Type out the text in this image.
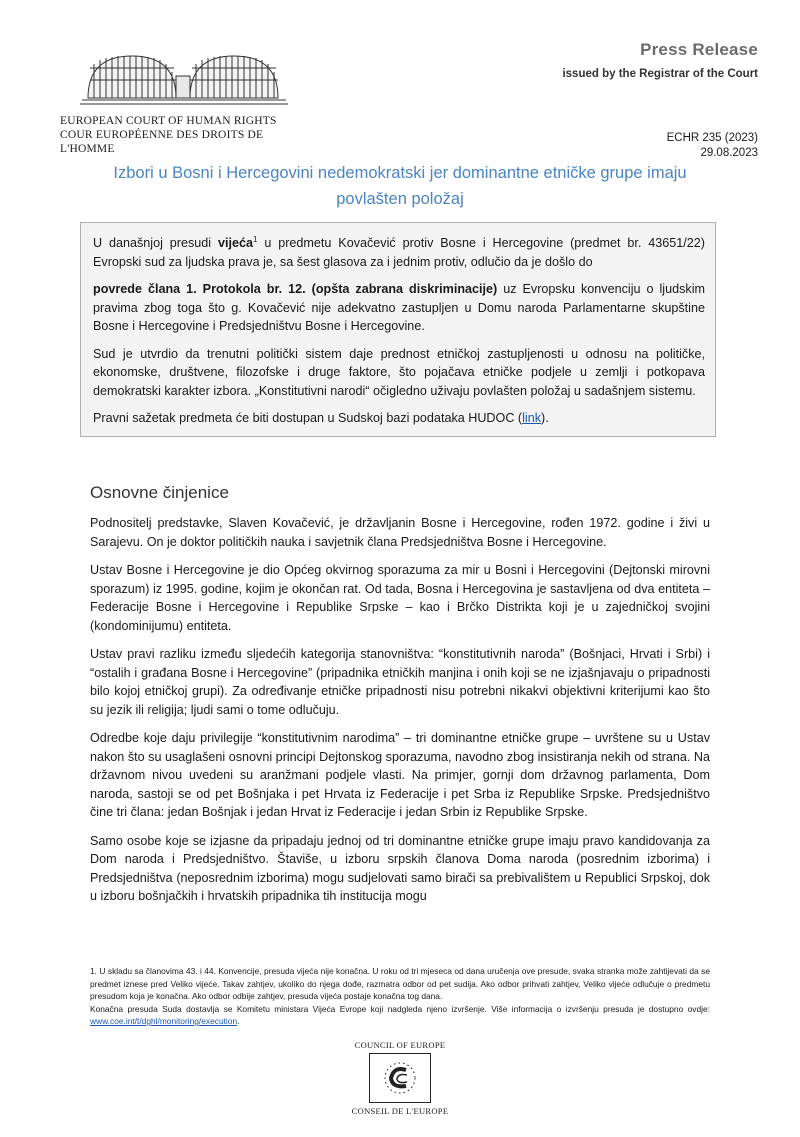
EUROPEAN COURT OF HUMAN RIGHTS
COUR EUROPÉENNE DES DROITS DE L'HOMME
Press Release
issued by the Registrar of the Court
ECHR 235 (2023)
29.08.2023
Izbori u Bosni i Hercegovini nedemokratski jer dominantne etničke grupe imaju povlašten položaj

U današnjoj presudi vijeća$^1$ u predmetu Kovačević protiv Bosne i Hercegovine (predmet br. 43651/22) Evropski sud za ljudska prava je, sa šest glasova za i jednim protiv, odlučio da je došlo do

povrede člana 1. Protokola br. 12. (opšta zabrana diskriminacije) uz Evropsku konvenciju o ljudskim pravima zbog toga što g. Kovačević nije adekvatno zastupljen u Domu naroda Parlamentarne skupštine Bosne i Hercegovine i Predsjedništvu Bosne i Hercegovine.

Sud je utvrdio da trenutni politički sistem daje prednost etničkoj zastupljenosti u odnosu na političke, ekonomske, društvene, filozofske i druge faktore, što pojačava etničke podjele u zemlji i potkopava demokratski karakter izbora. „Konstitutivni narodi“ očigledno uživaju povlašten položaj u sadašnjem sistemu.

Pravni sažetak predmeta će biti dostupan u Sudskoj bazi podataka HUDOC (link).

Osnovne činjenice

Podnositelj predstavke, Slaven Kovačević, je državljanin Bosne i Hercegovine, rođen 1972. godine i živi u Sarajevu. On je doktor političkih nauka i savjetnik člana Predsjedništva Bosne i Hercegovine.

Ustav Bosne i Hercegovine je dio Općeg okvirnog sporazuma za mir u Bosni i Hercegovini (Dejtonski mirovni sporazum) iz 1995. godine, kojim je okončan rat. Od tada, Bosna i Hercegovina je sastavljena od dva entiteta – Federacije Bosne i Hercegovine i Republike Srpske – kao i Brčko Distrikta koji je u zajedničkoj svojini (kondominijumu) entiteta.

Ustav pravi razliku između sljedećih kategorija stanovništva: “konstitutivnih naroda” (Bošnjaci, Hrvati i Srbi) i “ostalih i građana Bosne i Hercegovine” (pripadnika etničkih manjina i onih koji se ne izjašnjavaju o pripadnosti bilo kojoj etničkoj grupi). Za određivanje etničke pripadnosti nisu potrebni nikakvi objektivni kriterijumi kao što su jezik ili religija; ljudi sami o tome odlučuju.

Odredbe koje daju privilegije “konstitutivnim narodima” – tri dominantne etničke grupe – uvrštene su u Ustav nakon što su usaglašeni osnovni principi Dejtonskog sporazuma, navodno zbog insistiranja nekih od strana. Na državnom nivou uvedeni su aranžmani podjele vlasti. Na primjer, gornji dom državnog parlamenta, Dom naroda, sastoji se od pet Bošnjaka i pet Hrvata iz Federacije i pet Srba iz Republike Srpske. Predsjedništvo čine tri člana: jedan Bošnjak i jedan Hrvat iz Federacije i jedan Srbin iz Republike Srpske.

Samo osobe koje se izjasne da pripadaju jednoj od tri dominantne etničke grupe imaju pravo kandidovanja za Dom naroda i Predsjedništvo. Štaviše, u izboru srpskih članova Doma naroda (posrednim izborima) i Predsjedništva (neposrednim izborima) mogu sudjelovati samo birači sa prebivalištem u Republici Srpskoj, dok u izboru bošnjačkih i hrvatskih pripadnika tih institucija mogu

1. U skladu sa članovima 43. i 44. Konvencije, presuda vijeća nije konačna. U roku od tri mjeseca od dana uručenja ove presude, svaka stranka može zahtijevati da se predmet iznese pred Veliko vijeće. Takav zahtjev, ukoliko do njega dođe, razmatra odbor od pet sudija. Ako odbor prihvati zahtjev, Veliko vijeće odlučuje o predmetu presudom koja je konačna. Ako odbor odbije zahtjev, presuda vijeća postaje konačna tog dana.

Konačna presuda Suda dostavlja se Komitetu ministara Vijeća Evrope koji nadgleda njeno izvršenje. Više informacija o izvršenju presuda je dostupno ovdje: www.coe.int/t/dghl/monitoring/execution.

COUNCIL OF EUROPE
CONSEIL DE L'EUROPE
